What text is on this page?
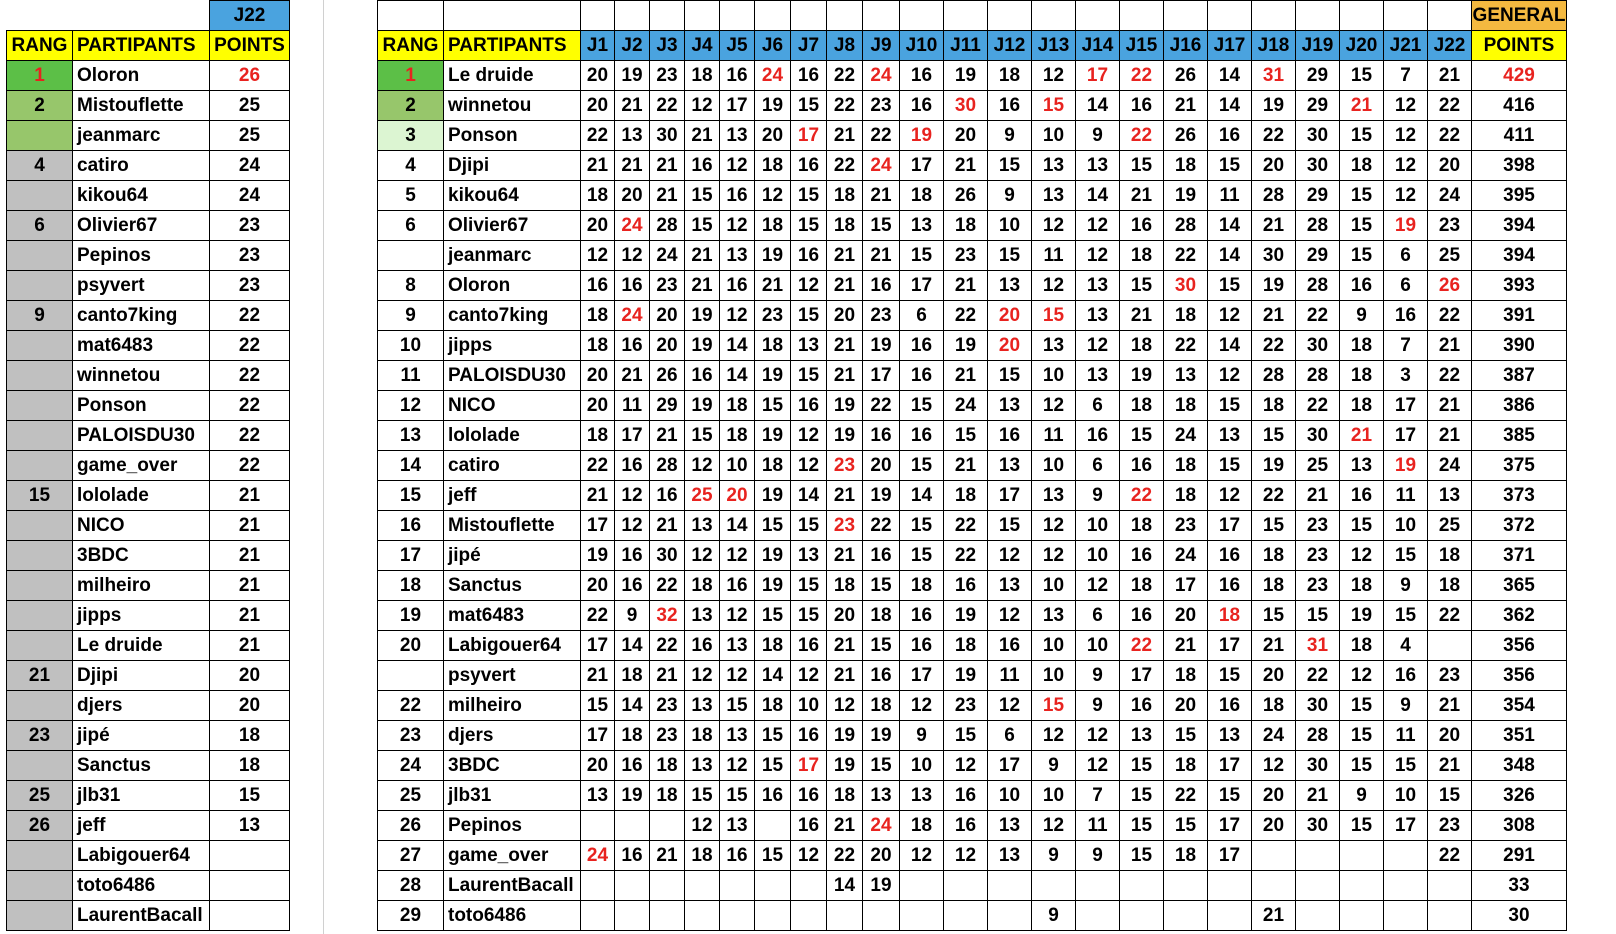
		J22
RANG	PARTIPANTS	POINTS
1	Oloron	26
2	Mistouflette	25
	jeanmarc	25
4	catiro	24
	kikou64	24
6	Olivier67	23
	Pepinos	23
	psyvert	23
9	canto7king	22
	mat6483	22
	winnetou	22
	Ponson	22
	PALOISDU30	22
	game_over	22
15	lololade	21
	NICO	21
	3BDC	21
	milheiro	21
	jipps	21
	Le druide	21
21	Djipi	20
	djers	20
23	jipé	18
	Sanctus	18
25	jlb31	15
26	jeff	13
	Labigouer64	
	toto6486	
	LaurentBacall	
																								GENERAL
RANG	PARTIPANTS	J1	J2	J3	J4	J5	J6	J7	J8	J9	J10	J11	J12	J13	J14	J15	J16	J17	J18	J19	J20	J21	J22	POINTS
1	Le druide	20	19	23	18	16	24	16	22	24	16	19	18	12	17	22	26	14	31	29	15	7	21	429
2	winnetou	20	21	22	12	17	19	15	22	23	16	30	16	15	14	16	21	14	19	29	21	12	22	416
3	Ponson	22	13	30	21	13	20	17	21	22	19	20	9	10	9	22	26	16	22	30	15	12	22	411
4	Djipi	21	21	21	16	12	18	16	22	24	17	21	15	13	13	15	18	15	20	30	18	12	20	398
5	kikou64	18	20	21	15	16	12	15	18	21	18	26	9	13	14	21	19	11	28	29	15	12	24	395
6	Olivier67	20	24	28	15	12	18	15	18	15	13	18	10	12	12	16	28	14	21	28	15	19	23	394
	jeanmarc	12	12	24	21	13	19	16	21	21	15	23	15	11	12	18	22	14	30	29	15	6	25	394
8	Oloron	16	16	23	21	16	21	12	21	16	17	21	13	12	13	15	30	15	19	28	16	6	26	393
9	canto7king	18	24	20	19	12	23	15	20	23	6	22	20	15	13	21	18	12	21	22	9	16	22	391
10	jipps	18	16	20	19	14	18	13	21	19	16	19	20	13	12	18	22	14	22	30	18	7	21	390
11	PALOISDU30	20	21	26	16	14	19	15	21	17	16	21	15	10	13	19	13	12	28	28	18	3	22	387
12	NICO	20	11	29	19	18	15	16	19	22	15	24	13	12	6	18	18	15	18	22	18	17	21	386
13	lololade	18	17	21	15	18	19	12	19	16	16	15	16	11	16	15	24	13	15	30	21	17	21	385
14	catiro	22	16	28	12	10	18	12	23	20	15	21	13	10	6	16	18	15	19	25	13	19	24	375
15	jeff	21	12	16	25	20	19	14	21	19	14	18	17	13	9	22	18	12	22	21	16	11	13	373
16	Mistouflette	17	12	21	13	14	15	15	23	22	15	22	15	12	10	18	23	17	15	23	15	10	25	372
17	jipé	19	16	30	12	12	19	13	21	16	15	22	12	12	10	16	24	16	18	23	12	15	18	371
18	Sanctus	20	16	22	18	16	19	15	18	15	18	16	13	10	12	18	17	16	18	23	18	9	18	365
19	mat6483	22	9	32	13	12	15	15	20	18	16	19	12	13	6	16	20	18	15	15	19	15	22	362
20	Labigouer64	17	14	22	16	13	18	16	21	15	16	18	16	10	10	22	21	17	21	31	18	4		356
	psyvert	21	18	21	12	12	14	12	21	16	17	19	11	10	9	17	18	15	20	22	12	16	23	356
22	milheiro	15	14	23	13	15	18	10	12	18	12	23	12	15	9	16	20	16	18	30	15	9	21	354
23	djers	17	18	23	18	13	15	16	19	19	9	15	6	12	12	13	15	13	24	28	15	11	20	351
24	3BDC	20	16	18	13	12	15	17	19	15	10	12	17	9	12	15	18	17	12	30	15	15	21	348
25	jlb31	13	19	18	15	15	16	16	18	13	13	16	10	10	7	15	22	15	20	21	9	10	15	326
26	Pepinos				12	13		16	21	24	18	16	13	12	11	15	15	17	20	30	15	17	23	308
27	game_over	24	16	21	18	16	15	12	22	20	12	12	13	9	9	15	18	17					22	291
28	LaurentBacall								14	19														33
29	toto6486													9					21					30
